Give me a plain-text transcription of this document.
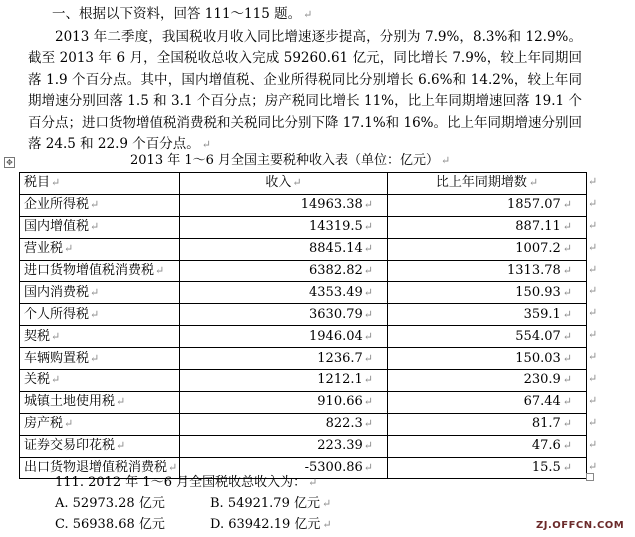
一、根据以下资料，回答 111～115 题。 ↵
2013 年二季度，我国税收月收入同比增速逐步提高，分别为 7.9%，8.3%和 12.9%。截至 2013 年 6 月，全国税收总收入完成 59260.61 亿元，同比增长 7.9%，较上年同期回落 1.9 个百分点。其中，国内增值税、企业所得税同比分别增长 6.6%和 14.2%，较上年同期增速分别回落 1.5 和 3.1 个百分点；房产税同比增长 11%，比上年同期增速回落 19.1 个百分点；进口货物增值税消费税和关税同比分别下降 17.1%和 16%。比上年同期增速分别回落 24.5 和 22.9 个百分点。 ↵
✥	2013 年 1～6 月全国主要税种收入表（单位：亿元） ↵
税目↵	收入↵	比上年同期增数 ↵
企业所得税↵	14963.38↵	1857.07 ↵
国内增值税↵	14319.5↵	887.11 ↵
营业税↵	8845.14↵	1007.2 ↵
进口货物增值税消费税↵	6382.82↵	1313.78 ↵
国内消费税↵	4353.49↵	150.93 ↵
个人所得税↵	3630.79↵	359.1 ↵
契税↵	1946.04↵	554.07 ↵
车辆购置税↵	1236.7↵	150.03 ↵
关税↵	1212.1↵	230.9 ↵
城镇土地使用税↵	910.66↵	67.44 ↵
房产税↵	822.3↵	81.7 ↵
证券交易印花税↵	223.39↵	47.6 ↵
出口货物退增值税消费税↵	-5300.86↵	15.5 ↵
↵
↵
↵
↵
↵
↵
↵
↵
↵
↵
↵
↵
↵
↵
111. 2012 年 1～6 月全国税收总收入为： ↵
A. 52973.28 亿元	B. 54921.79 亿元 ↵
C. 56938.68 亿元	D. 63942.19 亿元 ↵	ZJ.OFFCN.COM
